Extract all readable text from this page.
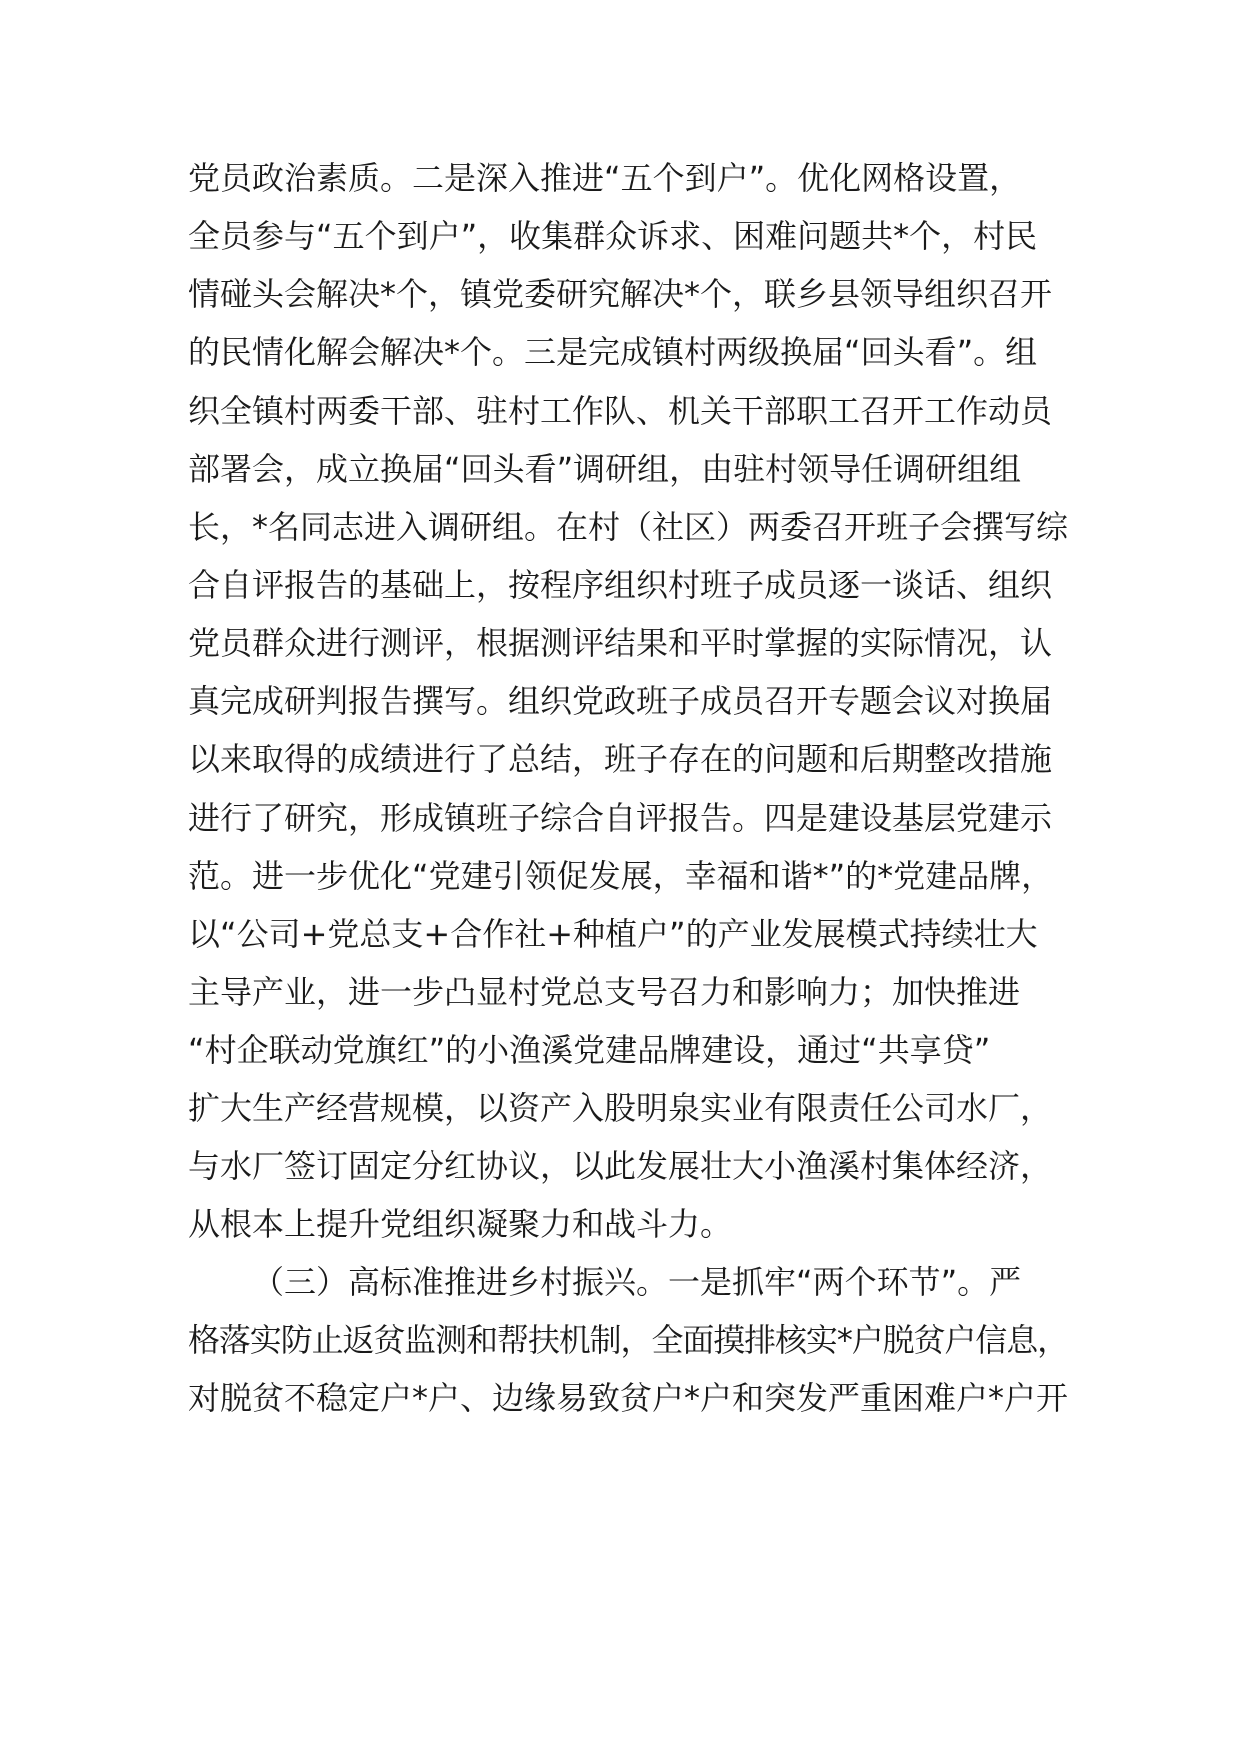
党员政治素质。二是深入推进“五个到户”。优化网格设置，
全员参与“五个到户”，收集群众诉求、困难问题共*个，村民
情碰头会解决*个，镇党委研究解决*个，联乡县领导组织召开
的民情化解会解决*个。三是完成镇村两级换届“回头看”。组
织全镇村两委干部、驻村工作队、机关干部职工召开工作动员
部署会，成立换届“回头看”调研组，由驻村领导任调研组组
长，*名同志进入调研组。在村（社区）两委召开班子会撰写综
合自评报告的基础上，按程序组织村班子成员逐一谈话、组织
党员群众进行测评，根据测评结果和平时掌握的实际情况，认
真完成研判报告撰写。组织党政班子成员召开专题会议对换届
以来取得的成绩进行了总结，班子存在的问题和后期整改措施
进行了研究，形成镇班子综合自评报告。四是建设基层党建示
范。进一步优化“党建引领促发展，幸福和谐*”的*党建品牌，
以“公司+党总支+合作社+种植户”的产业发展模式持续壮大
主导产业，进一步凸显村党总支号召力和影响力；加快推进
“村企联动党旗红”的小渔溪党建品牌建设，通过“共享贷”
扩大生产经营规模，以资产入股明泉实业有限责任公司水厂，
与水厂签订固定分红协议，以此发展壮大小渔溪村集体经济，
从根本上提升党组织凝聚力和战斗力。
（三）高标准推进乡村振兴。一是抓牢“两个环节”。严
格落实防止返贫监测和帮扶机制，全面摸排核实*户脱贫户信息，
对脱贫不稳定户*户、边缘易致贫户*户和突发严重困难户*户开
